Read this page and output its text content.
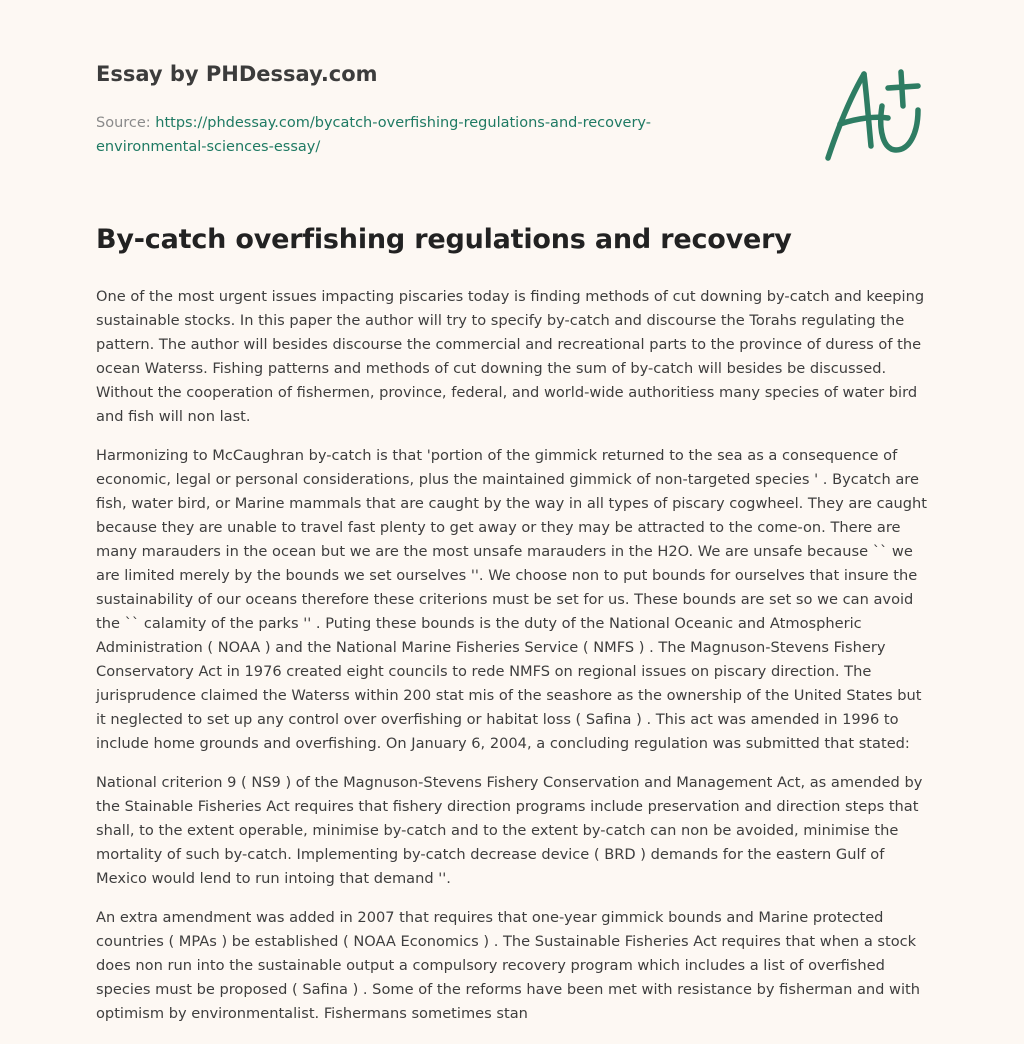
Essay by PHDessay.com
Source: https://phdessay.com/bycatch-overfishing-regulations-and-recovery-environmental-sciences-essay/
By-catch overfishing regulations and recovery

One of the most urgent issues impacting piscaries today is finding methods of cut downing by-catch and keeping sustainable stocks. In this paper the author will try to specify by-catch and discourse the Torahs regulating the pattern. The author will besides discourse the commercial and recreational parts to the province of duress of the ocean Waterss. Fishing patterns and methods of cut downing the sum of by-catch will besides be discussed. Without the cooperation of fishermen, province, federal, and world-wide authoritiess many species of water bird and fish will non last.

Harmonizing to McCaughran by-catch is that 'portion of the gimmick returned to the sea as a consequence of economic, legal or personal considerations, plus the maintained gimmick of non-targeted species ' . Bycatch are fish, water bird, or Marine mammals that are caught by the way in all types of piscary cogwheel. They are caught because they are unable to travel fast plenty to get away or they may be attracted to the come-on. There are many marauders in the ocean but we are the most unsafe marauders in the H2O. We are unsafe because `` we are limited merely by the bounds we set ourselves ''. We choose non to put bounds for ourselves that insure the sustainability of our oceans therefore these criterions must be set for us. These bounds are set so we can avoid the `` calamity of the parks '' . Puting these bounds is the duty of the National Oceanic and Atmospheric Administration ( NOAA ) and the National Marine Fisheries Service ( NMFS ) . The Magnuson-Stevens Fishery Conservatory Act in 1976 created eight councils to rede NMFS on regional issues on piscary direction. The jurisprudence claimed the Waterss within 200 stat mis of the seashore as the ownership of the United States but it neglected to set up any control over overfishing or habitat loss ( Safina ) . This act was amended in 1996 to include home grounds and overfishing. On January 6, 2004, a concluding regulation was submitted that stated:

National criterion 9 ( NS9 ) of the Magnuson-Stevens Fishery Conservation and Management Act, as amended by the Stainable Fisheries Act requires that fishery direction programs include preservation and direction steps that shall, to the extent operable, minimise by-catch and to the extent by-catch can non be avoided, minimise the mortality of such by-catch. Implementing by-catch decrease device ( BRD ) demands for the eastern Gulf of Mexico would lend to run intoing that demand ''.

An extra amendment was added in 2007 that requires that one-year gimmick bounds and Marine protected countries ( MPAs ) be established ( NOAA Economics ) . The Sustainable Fisheries Act requires that when a stock does non run into the sustainable output a compulsory recovery program which includes a list of overfished species must be proposed ( Safina ) . Some of the reforms have been met with resistance by fisherman and with optimism by environmentalist. Fishermans sometimes stan
